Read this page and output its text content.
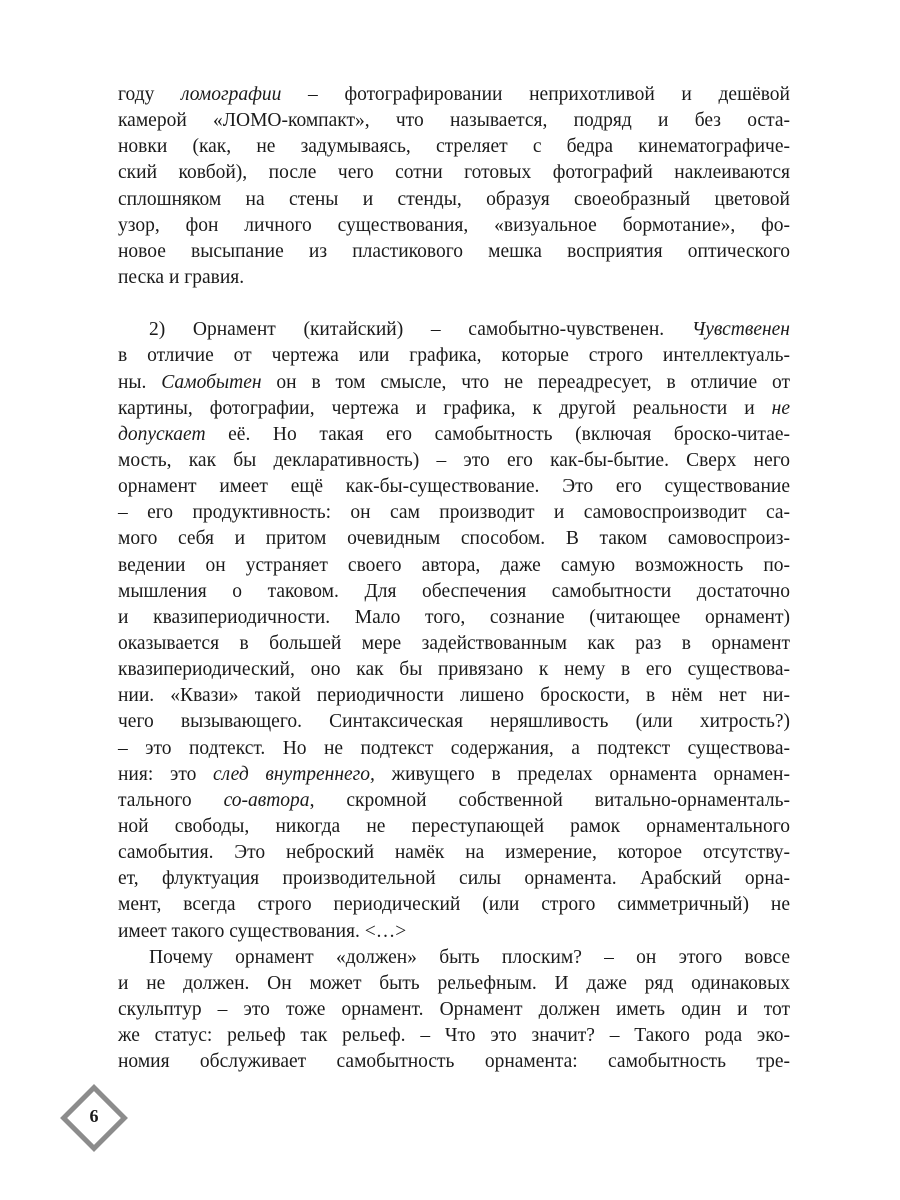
году ломографии – фотографировании неприхотливой и дешёвой
камерой «ЛОМО-компакт», что называется, подряд и без оста-
новки (как, не задумываясь, стреляет с бедра кинематографиче-
ский ковбой), после чего сотни готовых фотографий наклеиваются
сплошняком на стены и стенды, образуя своеобразный цветовой
узор, фон личного существования, «визуальное бормотание», фо-
новое высыпание из пластикового мешка восприятия оптического
песка и гравия.
2) Орнамент (китайский) – самобытно-чувственен. Чувственен
в отличие от чертежа или графика, которые строго интеллектуаль-
ны. Самобытен он в том смысле, что не переадресует, в отличие от
картины, фотографии, чертежа и графика, к другой реальности и не
допускает её. Но такая его самобытность (включая броско-читае-
мость, как бы декларативность) – это его как-бы-бытие. Сверх него
орнамент имеет ещё как-бы-существование. Это его существование
– его продуктивность: он сам производит и самовоспроизводит са-
мого себя и притом очевидным способом. В таком самовоспроиз-
ведении он устраняет своего автора, даже самую возможность по-
мышления о таковом. Для обеспечения самобытности достаточно
и квазипериодичности. Мало того, сознание (читающее орнамент)
оказывается в большей мере задействованным как раз в орнамент
квазипериодический, оно как бы привязано к нему в его существова-
нии. «Квази» такой периодичности лишено броскости, в нём нет ни-
чего вызывающего. Синтаксическая неряшливость (или хитрость?)
– это подтекст. Но не подтекст содержания, а подтекст существова-
ния: это след внутреннего, живущего в пределах орнамента орнамен-
тального со-автора, скромной собственной витально-орнаменталь-
ной свободы, никогда не переступающей рамок орнаментального
самобытия. Это неброский намёк на измерение, которое отсутству-
ет, флуктуация производительной силы орнамента. Арабский орна-
мент, всегда строго периодический (или строго симметричный) не
имеет такого существования. <…>
Почему орнамент «должен» быть плоским? – он этого вовсе
и не должен. Он может быть рельефным. И даже ряд одинаковых
скульптур – это тоже орнамент. Орнамент должен иметь один и тот
же статус: рельеф так рельеф. – Что это значит? – Такого рода эко-
номия обслуживает самобытность орнамента: самобытность тре-
6
